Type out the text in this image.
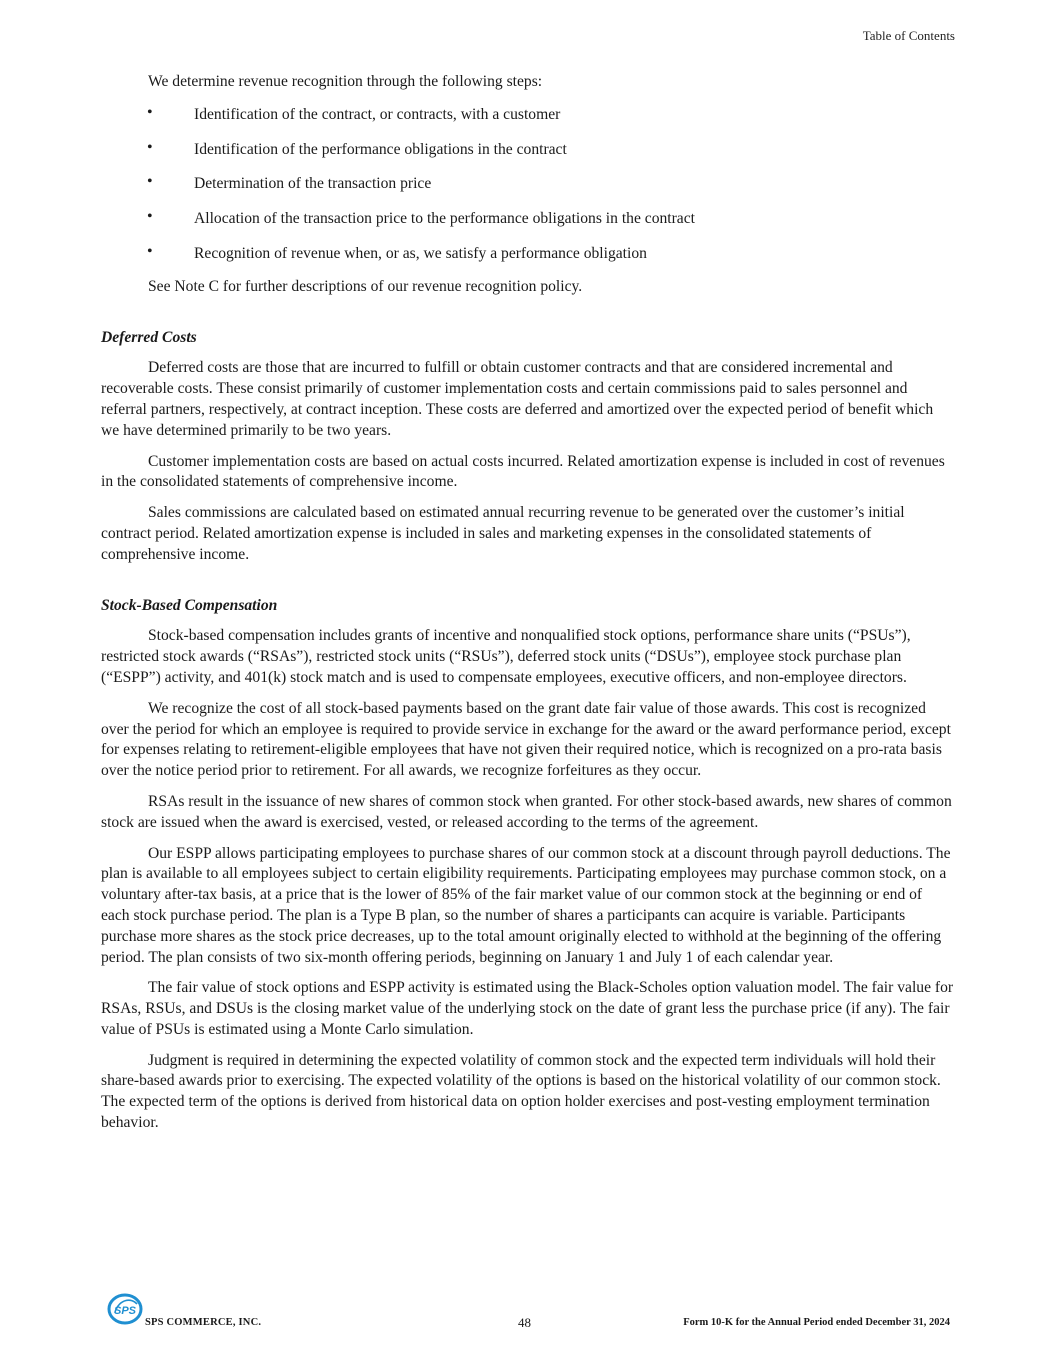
Table of Contents

We determine revenue recognition through the following steps:

•	Identification of the contract, or contracts, with a customer
•	Identification of the performance obligations in the contract
•	Determination of the transaction price
•	Allocation of the transaction price to the performance obligations in the contract
•	Recognition of revenue when, or as, we satisfy a performance obligation

See Note C for further descriptions of our revenue recognition policy.

Deferred Costs

Deferred costs are those that are incurred to fulfill or obtain customer contracts and that are considered incremental and recoverable costs. These consist primarily of customer implementation costs and certain commissions paid to sales personnel and referral partners, respectively, at contract inception. These costs are deferred and amortized over the expected period of benefit which we have determined primarily to be two years.

Customer implementation costs are based on actual costs incurred. Related amortization expense is included in cost of revenues in the consolidated statements of comprehensive income.

Sales commissions are calculated based on estimated annual recurring revenue to be generated over the customer’s initial contract period. Related amortization expense is included in sales and marketing expenses in the consolidated statements of comprehensive income.

Stock-Based Compensation

Stock-based compensation includes grants of incentive and nonqualified stock options, performance share units (“PSUs”), restricted stock awards (“RSAs”), restricted stock units (“RSUs”), deferred stock units (“DSUs”), employee stock purchase plan (“ESPP”) activity, and 401(k) stock match and is used to compensate employees, executive officers, and non-employee directors.

We recognize the cost of all stock-based payments based on the grant date fair value of those awards. This cost is recognized over the period for which an employee is required to provide service in exchange for the award or the award performance period, except for expenses relating to retirement-eligible employees that have not given their required notice, which is recognized on a pro-rata basis over the notice period prior to retirement. For all awards, we recognize forfeitures as they occur.

RSAs result in the issuance of new shares of common stock when granted. For other stock-based awards, new shares of common stock are issued when the award is exercised, vested, or released according to the terms of the agreement.

Our ESPP allows participating employees to purchase shares of our common stock at a discount through payroll deductions. The plan is available to all employees subject to certain eligibility requirements. Participating employees may purchase common stock, on a voluntary after-tax basis, at a price that is the lower of 85% of the fair market value of our common stock at the beginning or end of each stock purchase period. The plan is a Type B plan, so the number of shares a participants can acquire is variable. Participants purchase more shares as the stock price decreases, up to the total amount originally elected to withhold at the beginning of the offering period. The plan consists of two six-month offering periods, beginning on January 1 and July 1 of each calendar year.

The fair value of stock options and ESPP activity is estimated using the Black-Scholes option valuation model. The fair value for RSAs, RSUs, and DSUs is the closing market value of the underlying stock on the date of grant less the purchase price (if any). The fair value of PSUs is estimated using a Monte Carlo simulation.

Judgment is required in determining the expected volatility of common stock and the expected term individuals will hold their share-based awards prior to exercising. The expected volatility of the options is based on the historical volatility of our common stock. The expected term of the options is derived from historical data on option holder exercises and post-vesting employment termination behavior.

SPS
SPS COMMERCE, INC.	48	Form 10-K for the Annual Period ended December 31, 2024
